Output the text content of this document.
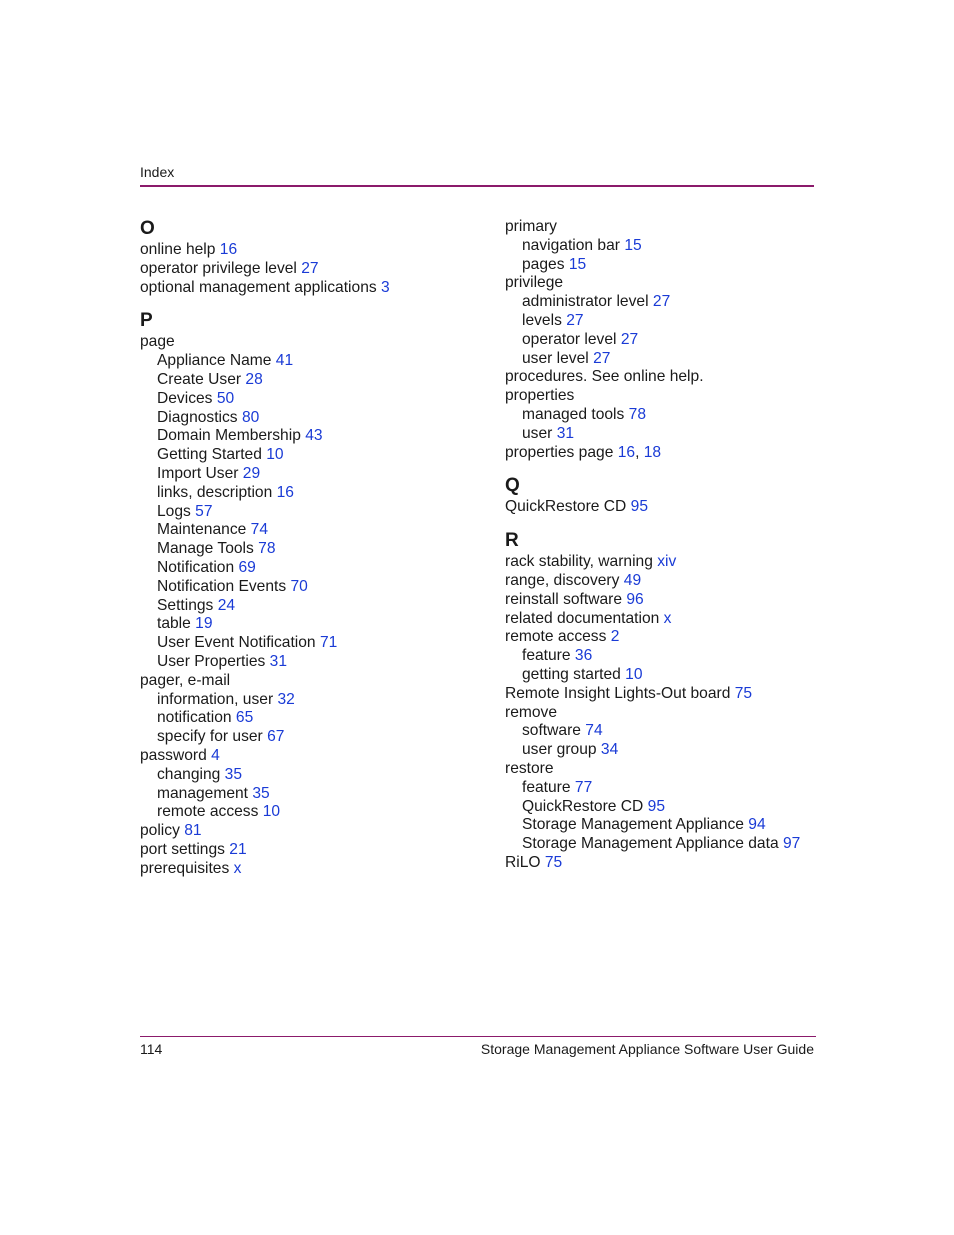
Index
O
online help 16
operator privilege level 27
optional management applications 3
P
page
Appliance Name 41
Create User 28
Devices 50
Diagnostics 80
Domain Membership 43
Getting Started 10
Import User 29
links, description 16
Logs 57
Maintenance 74
Manage Tools 78
Notification 69
Notification Events 70
Settings 24
table 19
User Event Notification 71
User Properties 31
pager, e-mail
information, user 32
notification 65
specify for user 67
password 4
changing 35
management 35
remote access 10
policy 81
port settings 21
prerequisites x
primary
navigation bar 15
pages 15
privilege
administrator level 27
levels 27
operator level 27
user level 27
procedures. See online help.
properties
managed tools 78
user 31
properties page 16, 18
Q
QuickRestore CD 95
R
rack stability, warning xiv
range, discovery 49
reinstall software 96
related documentation x
remote access 2
feature 36
getting started 10
Remote Insight Lights-Out board 75
remove
software 74
user group 34
restore
feature 77
QuickRestore CD 95
Storage Management Appliance 94
Storage Management Appliance data 97
RiLO 75
114	Storage Management Appliance Software User Guide
